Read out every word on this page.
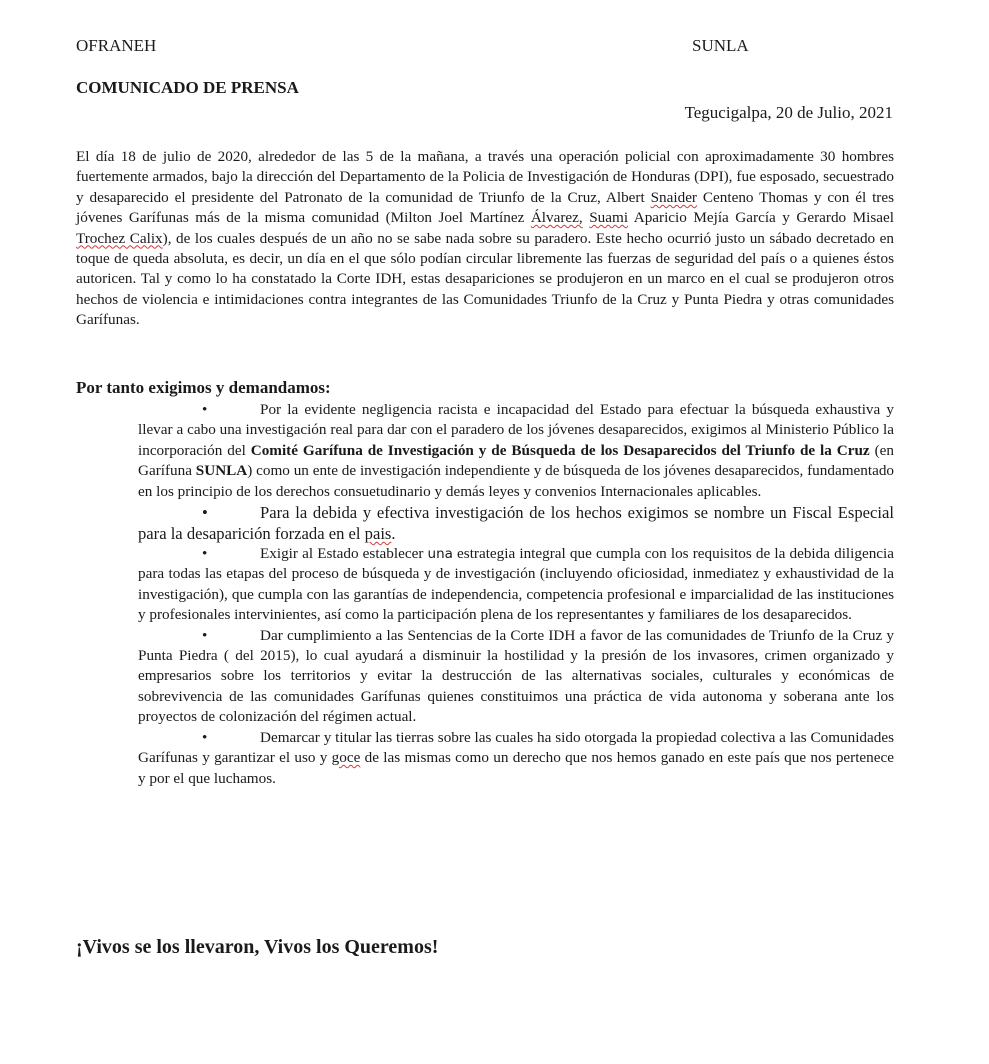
OFRANEH	SUNLA
COMUNICADO DE PRENSA
Tegucigalpa, 20 de Julio, 2021

El día 18 de julio de 2020, alrededor de las 5 de la mañana, a través una operación policial con aproximadamente 30 hombres fuertemente armados, bajo la dirección del Departamento de la Policia de Investigación de Honduras (DPI), fue esposado, secuestrado y desaparecido el presidente del Patronato de la comunidad de Triunfo de la Cruz, Albert Snaider Centeno Thomas y con él tres jóvenes Garífunas más de la misma comunidad (Milton Joel Martínez Álvarez, Suami Aparicio Mejía García y Gerardo Misael Trochez Calix), de los cuales después de un año no se sabe nada sobre su paradero. Este hecho ocurrió justo un sábado decretado en toque de queda absoluta, es decir, un día en el que sólo podían circular libremente las fuerzas de seguridad del país o a quienes éstos autoricen. Tal y como lo ha constatado la Corte IDH, estas desapariciones se produjeron en un marco en el cual se produjeron otros hechos de violencia e intimidaciones contra integrantes de las Comunidades Triunfo de la Cruz y Punta Piedra y otras comunidades Garífunas.

Por tanto exigimos y demandamos:

•	Por la evidente negligencia racista e incapacidad del Estado para efectuar la búsqueda exhaustiva y llevar a cabo una investigación real para dar con el paradero de los jóvenes desaparecidos, exigimos al Ministerio Público la incorporación del Comité Garífuna de Investigación y de Búsqueda de los Desaparecidos del Triunfo de la Cruz (en Garífuna SUNLA) como un ente de investigación independiente y de búsqueda de los jóvenes desaparecidos, fundamentado en los principio de los derechos consuetudinario y demás leyes y convenios Internacionales aplicables.
•	Para la debida y efectiva investigación de los hechos exigimos se nombre un Fiscal Especial para la desaparición forzada en el pais.
•	Exigir al Estado establecer una estrategia integral que cumpla con los requisitos de la debida diligencia para todas las etapas del proceso de búsqueda y de investigación (incluyendo oficiosidad, inmediatez y exhaustividad de la investigación), que cumpla con las garantías de independencia, competencia profesional e imparcialidad de las instituciones y profesionales intervinientes, así como la participación plena de los representantes y familiares de los desaparecidos.
•	Dar cumplimiento a las Sentencias de la Corte IDH a favor de las comunidades de Triunfo de la Cruz y Punta Piedra ( del 2015), lo cual ayudará a disminuir la hostilidad y la presión de los invasores, crimen organizado y empresarios sobre los territorios y evitar la destrucción de las alternativas sociales, culturales y económicas de sobrevivencia de las comunidades Garífunas quienes constituimos una práctica de vida autonoma y soberana ante los proyectos de colonización del régimen actual.
•	Demarcar y titular las tierras sobre las cuales ha sido otorgada la propiedad colectiva a las Comunidades Garífunas y garantizar el uso y goce de las mismas como un derecho que nos hemos ganado en este país que nos pertenece y por el que luchamos.

¡Vivos se los llevaron, Vivos los Queremos!
